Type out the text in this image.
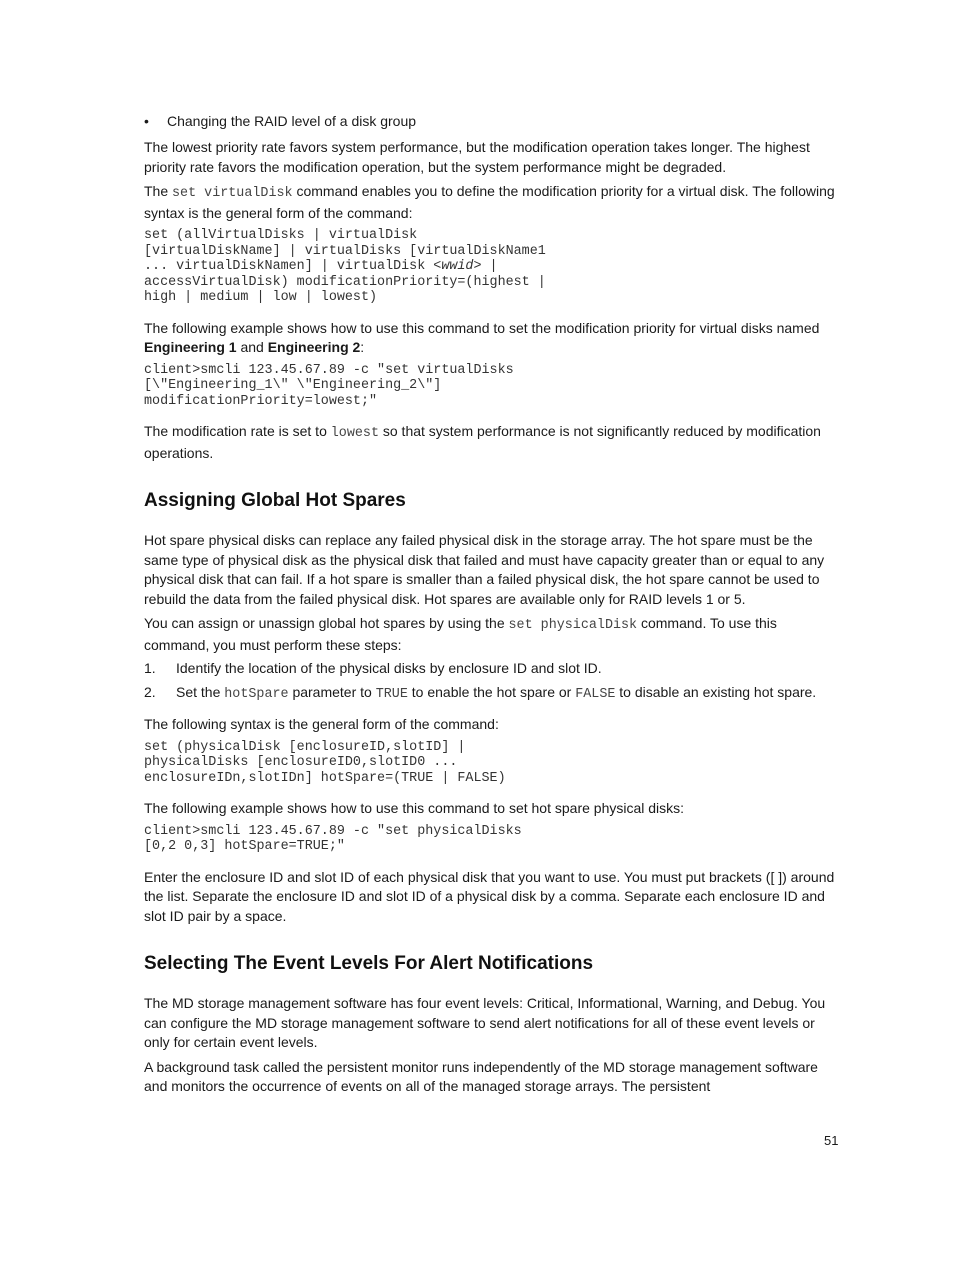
• Changing the RAID level of a disk group

The lowest priority rate favors system performance, but the modification operation takes longer. The highest priority rate favors the modification operation, but the system performance might be degraded.

The set virtualDisk command enables you to define the modification priority for a virtual disk. The following syntax is the general form of the command:

set (allVirtualDisks | virtualDisk
[virtualDiskName] | virtualDisks [virtualDiskName1
... virtualDiskNamen] | virtualDisk <wwid> |
accessVirtualDisk) modificationPriority=(highest |
high | medium | low | lowest)

The following example shows how to use this command to set the modification priority for virtual disks named Engineering 1 and Engineering 2:

client>smcli 123.45.67.89 -c "set virtualDisks
[\"Engineering_1\" \"Engineering_2\"]
modificationPriority=lowest;"

The modification rate is set to lowest so that system performance is not significantly reduced by modification operations.

Assigning Global Hot Spares

Hot spare physical disks can replace any failed physical disk in the storage array. The hot spare must be the same type of physical disk as the physical disk that failed and must have capacity greater than or equal to any physical disk that can fail. If a hot spare is smaller than a failed physical disk, the hot spare cannot be used to rebuild the data from the failed physical disk. Hot spares are available only for RAID levels 1 or 5.

You can assign or unassign global hot spares by using the set physicalDisk command. To use this command, you must perform these steps:

1. Identify the location of the physical disks by enclosure ID and slot ID.
2. Set the hotSpare parameter to TRUE to enable the hot spare or FALSE to disable an existing hot spare.

The following syntax is the general form of the command:

set (physicalDisk [enclosureID,slotID] |
physicalDisks [enclosureID0,slotID0 ...
enclosureIDn,slotIDn] hotSpare=(TRUE | FALSE)

The following example shows how to use this command to set hot spare physical disks:

client>smcli 123.45.67.89 -c "set physicalDisks
[0,2 0,3] hotSpare=TRUE;"

Enter the enclosure ID and slot ID of each physical disk that you want to use. You must put brackets ([ ]) around the list. Separate the enclosure ID and slot ID of a physical disk by a comma. Separate each enclosure ID and slot ID pair by a space.

Selecting The Event Levels For Alert Notifications

The MD storage management software has four event levels: Critical, Informational, Warning, and Debug. You can configure the MD storage management software to send alert notifications for all of these event levels or only for certain event levels.

A background task called the persistent monitor runs independently of the MD storage management software and monitors the occurrence of events on all of the managed storage arrays. The persistent

51
